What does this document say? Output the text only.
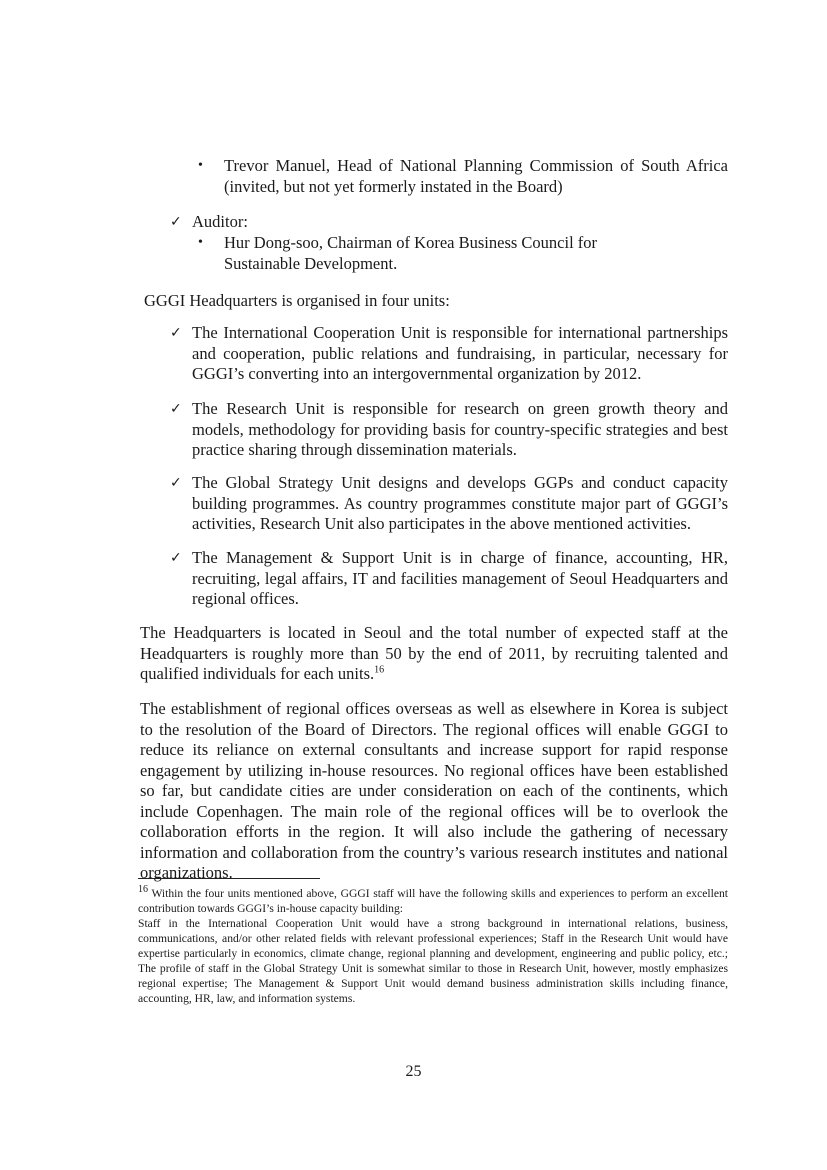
• Trevor Manuel, Head of National Planning Commission of South Africa (invited, but not yet formerly instated in the Board)
✓ Auditor:
• Hur Dong-soo, Chairman of Korea Business Council for Sustainable Development.
GGGI Headquarters is organised in four units:
✓ The International Cooperation Unit is responsible for international partnerships and cooperation, public relations and fundraising, in particular, necessary for GGGI’s converting into an intergovernmental organization by 2012.
✓ The Research Unit is responsible for research on green growth theory and models, methodology for providing basis for country-specific strategies and best practice sharing through dissemination materials.
✓ The Global Strategy Unit designs and develops GGPs and conduct capacity building programmes. As country programmes constitute major part of GGGI’s activities, Research Unit also participates in the above mentioned activities.
✓ The Management & Support Unit is in charge of finance, accounting, HR, recruiting, legal affairs, IT and facilities management of Seoul Headquarters and regional offices.
The Headquarters is located in Seoul and the total number of expected staff at the Headquarters is roughly more than 50 by the end of 2011, by recruiting talented and qualified individuals for each units.$^{16}$
The establishment of regional offices overseas as well as elsewhere in Korea is subject to the resolution of the Board of Directors. The regional offices will enable GGGI to reduce its reliance on external consultants and increase support for rapid response engagement by utilizing in-house resources. No regional offices have been established so far, but candidate cities are under consideration on each of the continents, which include Copenhagen. The main role of the regional offices will be to overlook the collaboration efforts in the region. It will also include the gathering of necessary information and collaboration from the country’s various research institutes and national organizations.
16 Within the four units mentioned above, GGGI staff will have the following skills and experiences to perform an excellent contribution towards GGGI’s in-house capacity building:
Staff in the International Cooperation Unit would have a strong background in international relations, business, communications, and/or other related fields with relevant professional experiences; Staff in the Research Unit would have expertise particularly in economics, climate change, regional planning and development, engineering and public policy, etc.; The profile of staff in the Global Strategy Unit is somewhat similar to those in Research Unit, however, mostly emphasizes regional expertise; The Management & Support Unit would demand business administration skills including finance, accounting, HR, law, and information systems.
25
